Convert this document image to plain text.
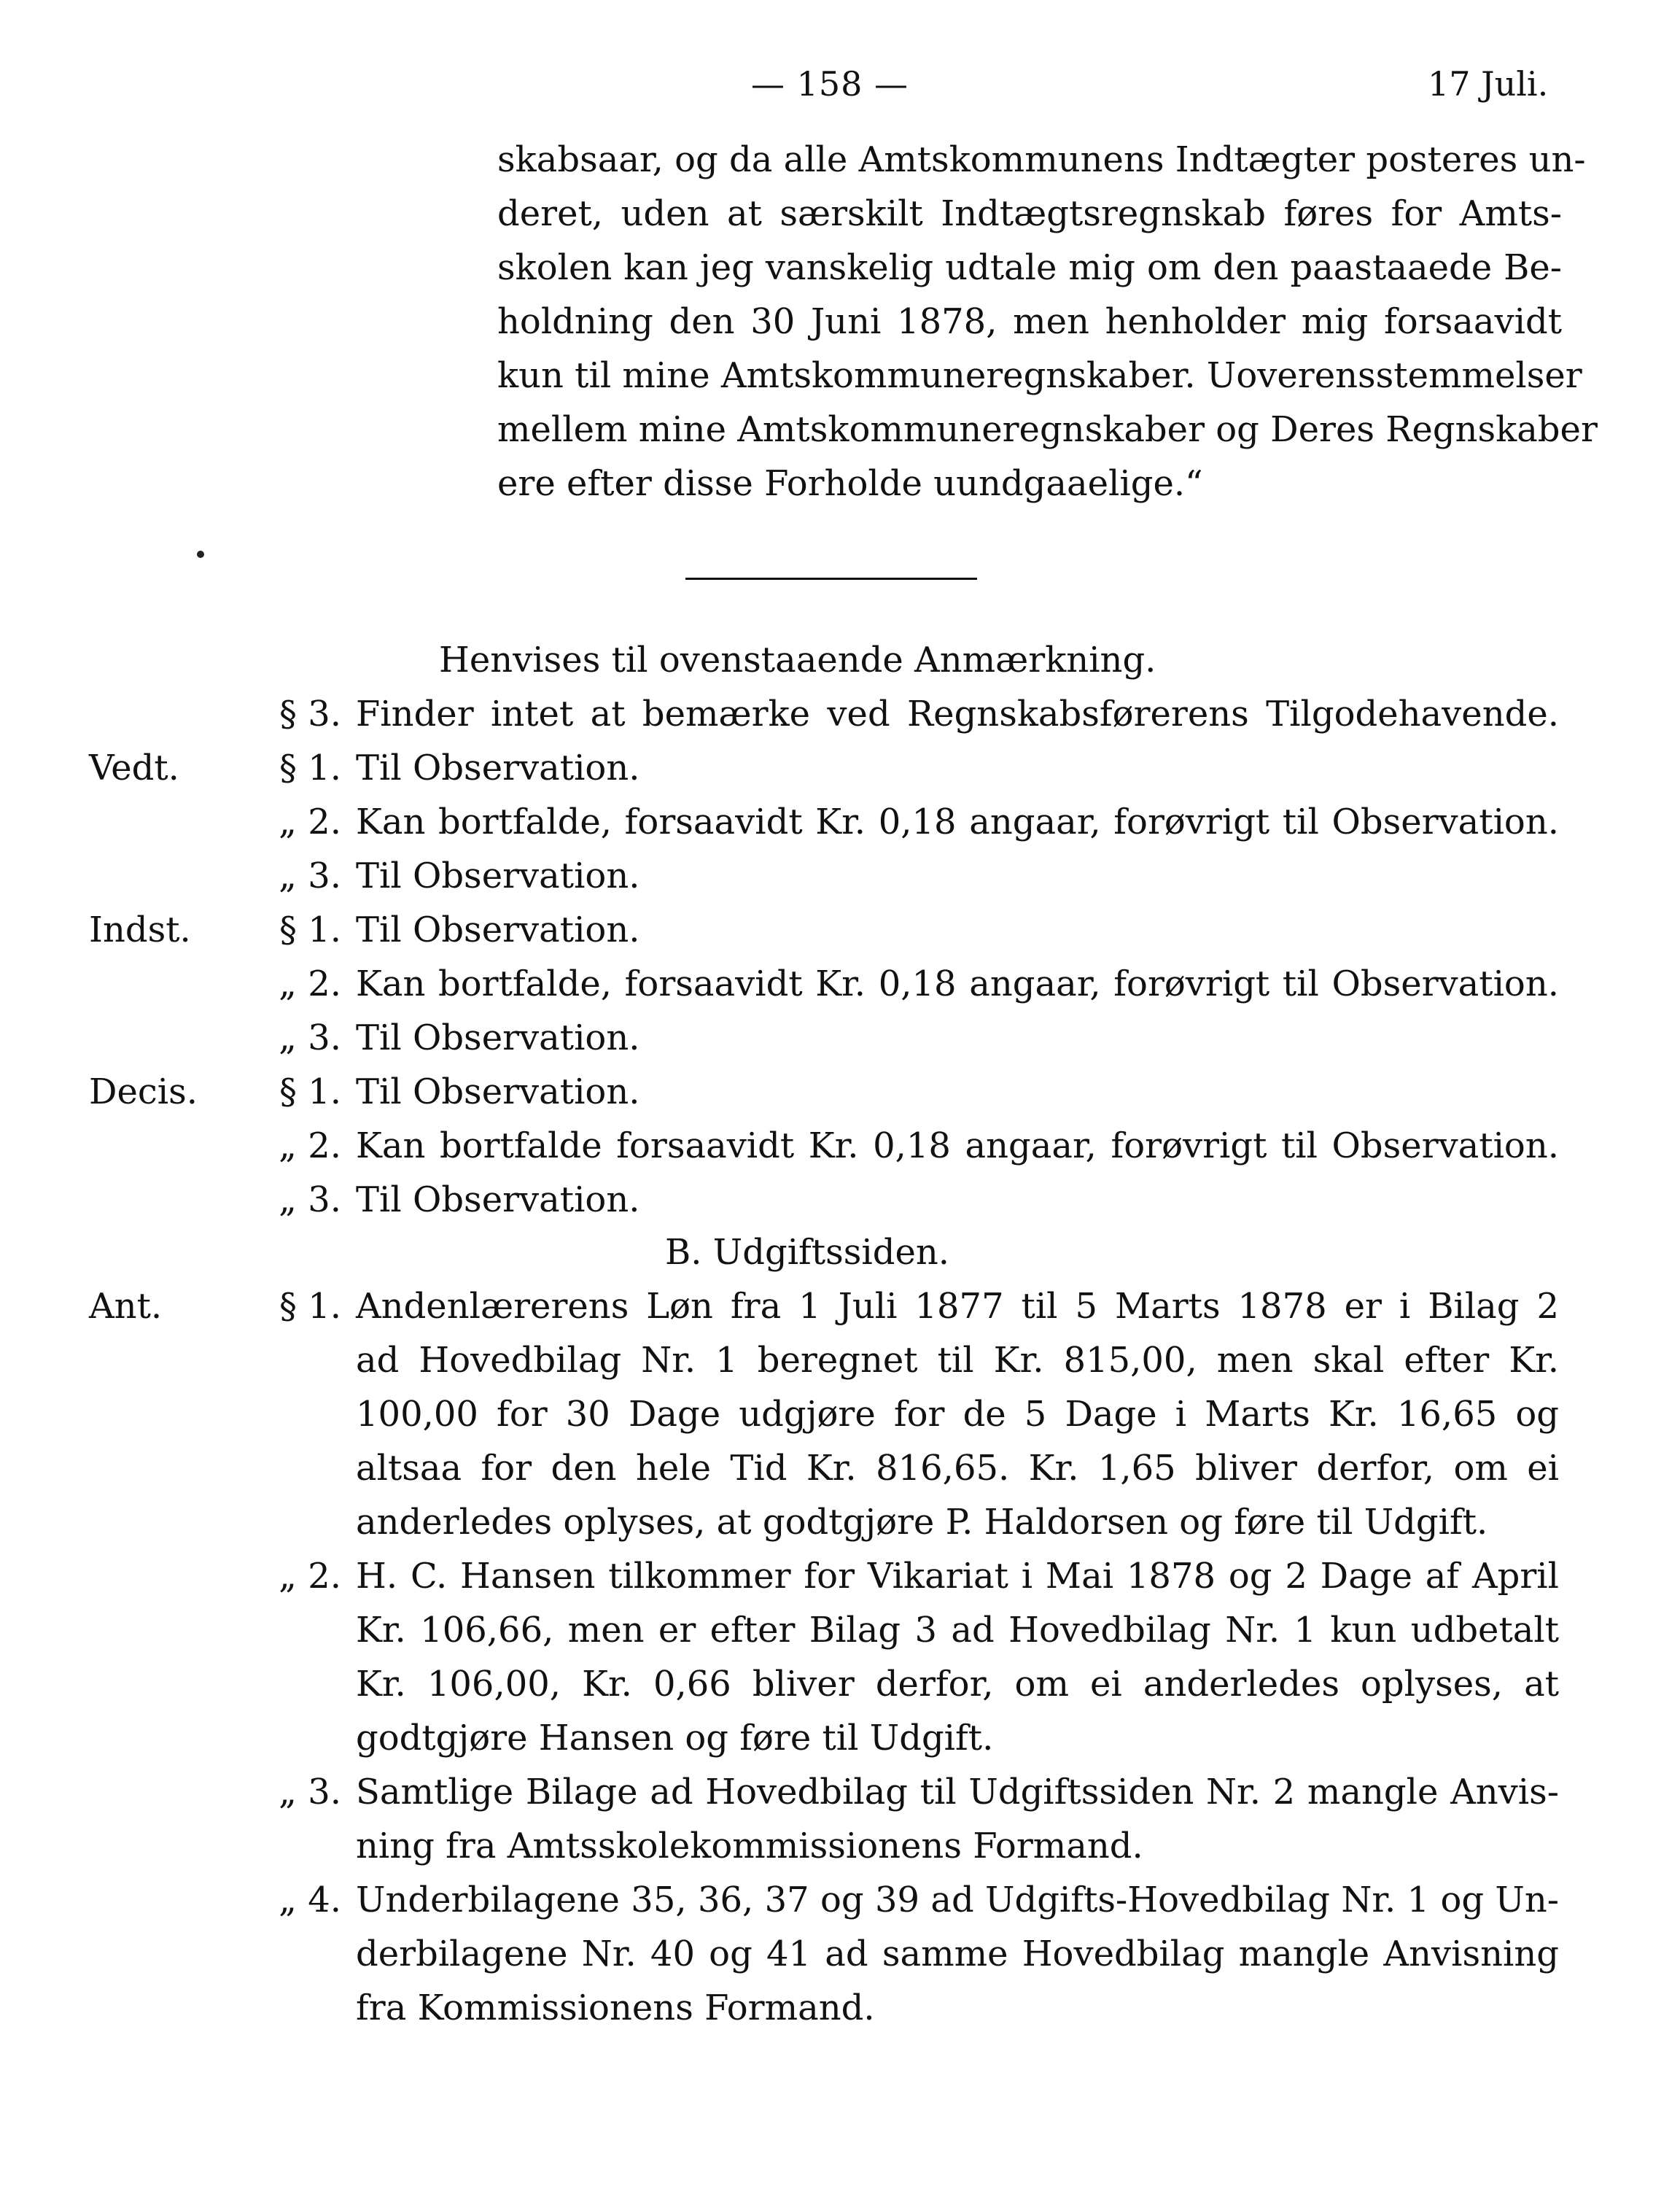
— 158 —	17 Juli.
skabsaar, og da alle Amtskommunens Indtægter posteres un-
deret, uden at særskilt Indtægtsregnskab føres for Amts-
skolen kan jeg vanskelig udtale mig om den paastaaede Be-
holdning den 30 Juni 1878, men henholder mig forsaavidt
kun til mine Amtskommuneregnskaber. Uoverensstemmelser
mellem mine Amtskommuneregnskaber og Deres Regnskaber
ere efter disse Forholde uundgaaelige.“
Henvises til ovenstaaende Anmærkning.
§ 3. Finder intet at bemærke ved Regnskabsførerens Tilgodehavende.
Vedt.	§ 1. Til Observation.
„ 2. Kan bortfalde, forsaavidt Kr. 0,18 angaar, forøvrigt til Observation.
„ 3. Til Observation.
Indst.	§ 1. Til Observation.
„ 2. Kan bortfalde, forsaavidt Kr. 0,18 angaar, forøvrigt til Observation.
„ 3. Til Observation.
Decis.	§ 1. Til Observation.
„ 2. Kan bortfalde forsaavidt Kr. 0,18 angaar, forøvrigt til Observation.
„ 3. Til Observation.
B. Udgiftssiden.
Ant.	§ 1. Andenlærerens Løn fra 1 Juli 1877 til 5 Marts 1878 er i Bilag 2
ad Hovedbilag Nr. 1 beregnet til Kr. 815,00, men skal efter Kr.
100,00 for 30 Dage udgjøre for de 5 Dage i Marts Kr. 16,65 og
altsaa for den hele Tid Kr. 816,65. Kr. 1,65 bliver derfor, om ei
anderledes oplyses, at godtgjøre P. Haldorsen og føre til Udgift.
„ 2. H. C. Hansen tilkommer for Vikariat i Mai 1878 og 2 Dage af April
Kr. 106,66, men er efter Bilag 3 ad Hovedbilag Nr. 1 kun udbetalt
Kr. 106,00, Kr. 0,66 bliver derfor, om ei anderledes oplyses, at
godtgjøre Hansen og føre til Udgift.
„ 3. Samtlige Bilage ad Hovedbilag til Udgiftssiden Nr. 2 mangle Anvis-
ning fra Amtsskolekommissionens Formand.
„ 4. Underbilagene 35, 36, 37 og 39 ad Udgifts-Hovedbilag Nr. 1 og Un-
derbilagene Nr. 40 og 41 ad samme Hovedbilag mangle Anvisning
fra Kommissionens Formand.
